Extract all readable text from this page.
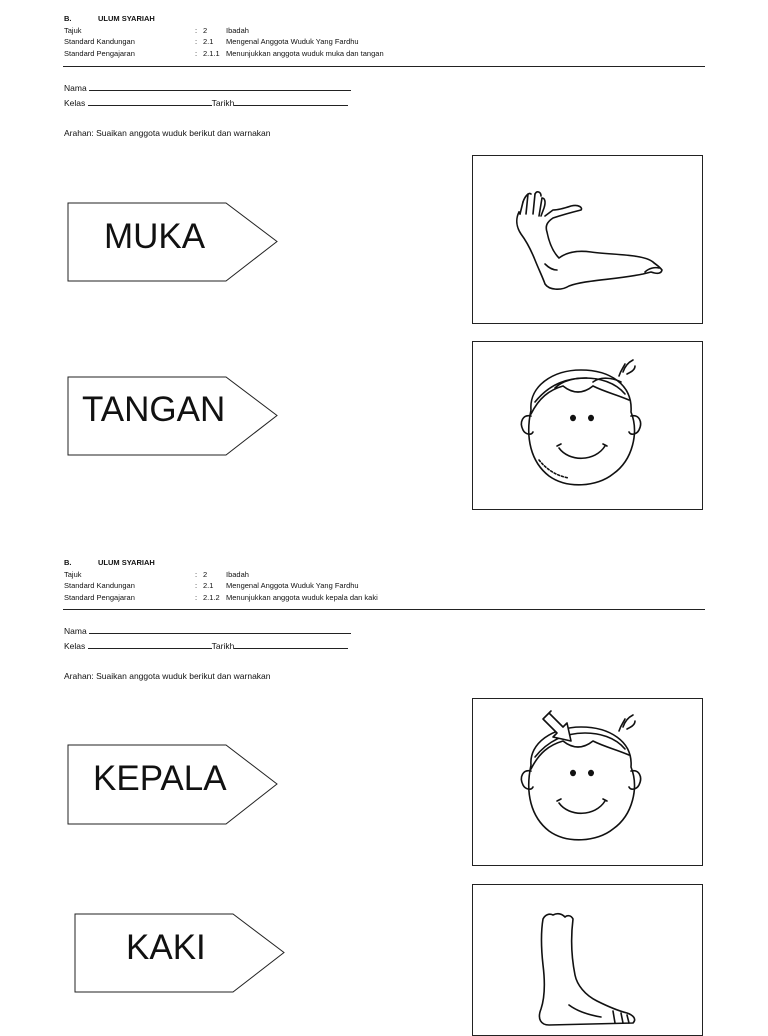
B.	ULUM SYARIAH
Tajuk	: 2	Ibadah
Standard Kandungan	: 2.1 Mengenal Anggota Wuduk Yang Fardhu
Standard Pengajaran	: 2.1.1 Menunjukkan anggota wuduk muka dan tangan
Nama
Kelas	Tarikh
Arahan: Suaikan anggota wuduk berikut dan warnakan
MUKA
TANGAN
B.	ULUM SYARIAH
Tajuk	: 2	Ibadah
Standard Kandungan	: 2.1 Mengenal Anggota Wuduk Yang Fardhu
Standard Pengajaran	: 2.1.2 Menunjukkan anggota wuduk kepala dan kaki
Nama
Kelas	Tarikh
Arahan: Suaikan anggota wuduk berikut dan warnakan
KEPALA
KAKI
